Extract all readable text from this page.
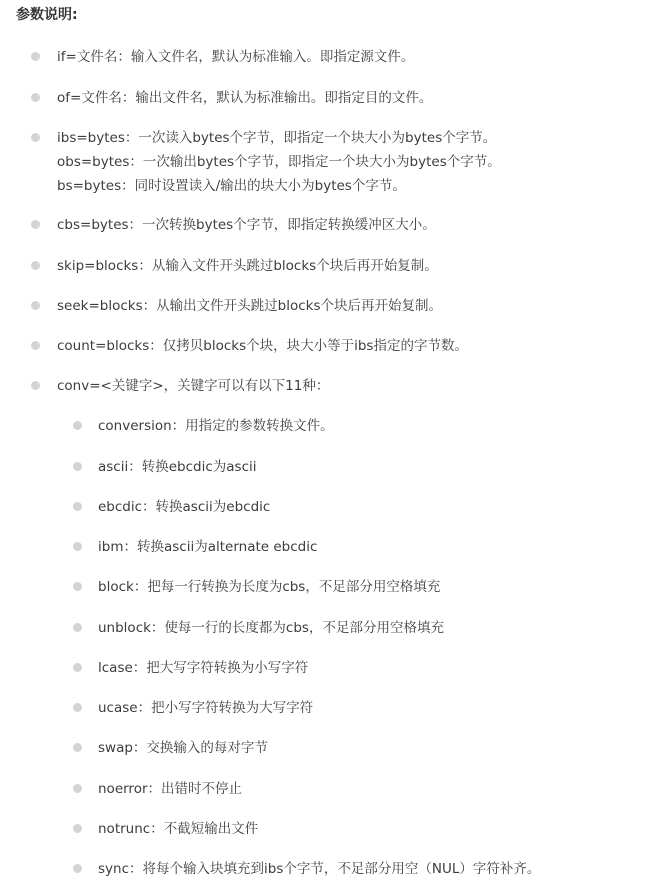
参数说明:
if=文件名：输入文件名，默认为标准输入。即指定源文件。
of=文件名：输出文件名，默认为标准输出。即指定目的文件。
ibs=bytes：一次读入bytes个字节，即指定一个块大小为bytes个字节。
obs=bytes：一次输出bytes个字节，即指定一个块大小为bytes个字节。
bs=bytes：同时设置读入/输出的块大小为bytes个字节。
cbs=bytes：一次转换bytes个字节，即指定转换缓冲区大小。
skip=blocks：从输入文件开头跳过blocks个块后再开始复制。
seek=blocks：从输出文件开头跳过blocks个块后再开始复制。
count=blocks：仅拷贝blocks个块，块大小等于ibs指定的字节数。
conv=<关键字>，关键字可以有以下11种：
conversion：用指定的参数转换文件。
ascii：转换ebcdic为ascii
ebcdic：转换ascii为ebcdic
ibm：转换ascii为alternate ebcdic
block：把每一行转换为长度为cbs，不足部分用空格填充
unblock：使每一行的长度都为cbs，不足部分用空格填充
lcase：把大写字符转换为小写字符
ucase：把小写字符转换为大写字符
swap：交换输入的每对字节
noerror：出错时不停止
notrunc：不截短输出文件
sync：将每个输入块填充到ibs个字节，不足部分用空（NUL）字符补齐。
